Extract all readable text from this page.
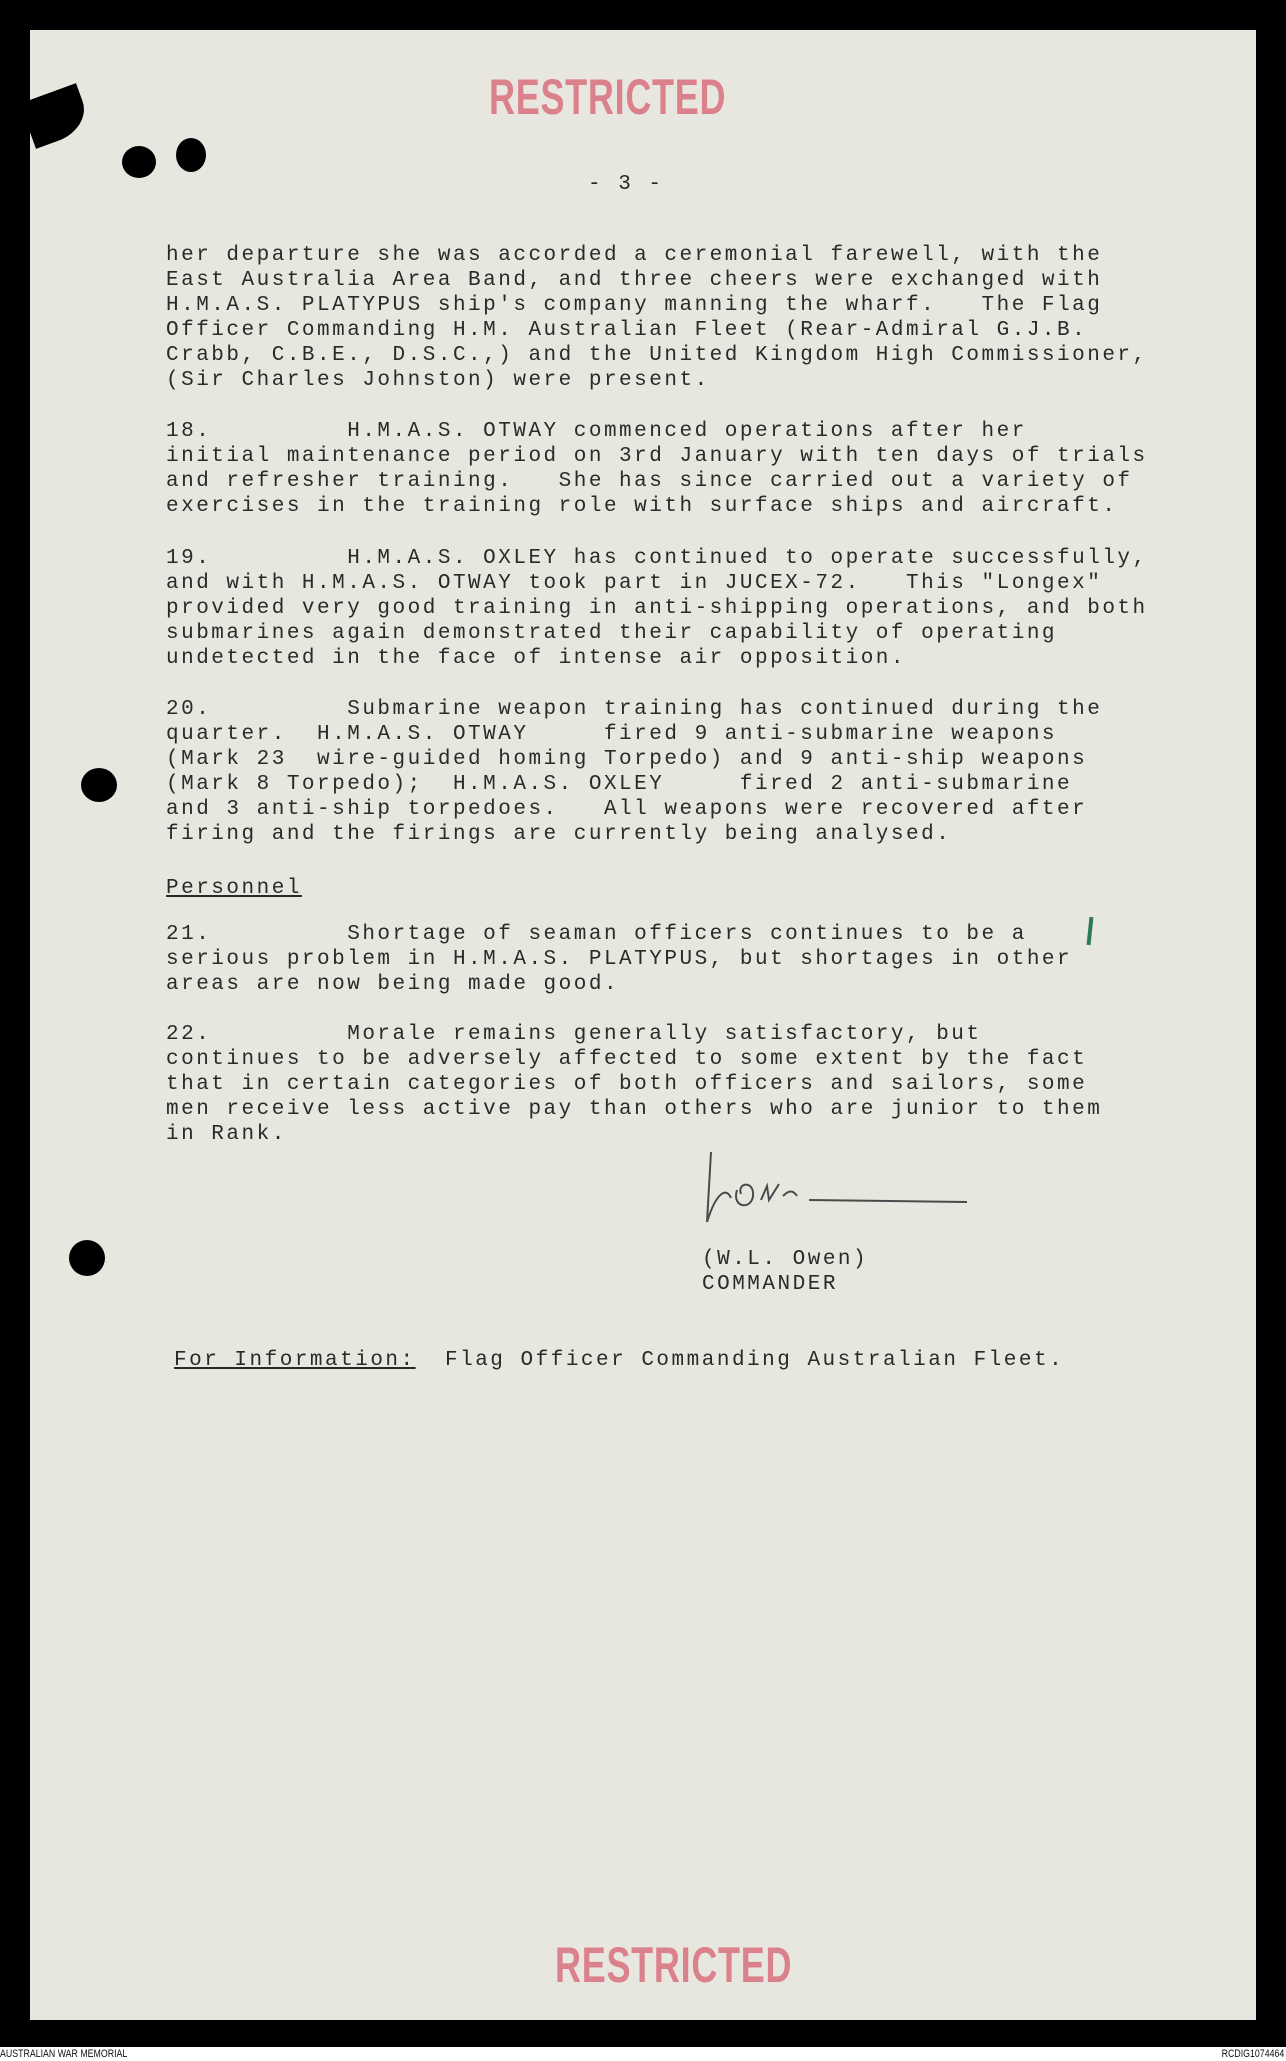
RESTRICTED
- 3 -
her departure she was accorded a ceremonial farewell, with the
East Australia Area Band, and three cheers were exchanged with
H.M.A.S. PLATYPUS ship's company manning the wharf.   The Flag
Officer Commanding H.M. Australian Fleet (Rear-Admiral G.J.B.
Crabb, C.B.E., D.S.C.,) and the United Kingdom High Commissioner,
(Sir Charles Johnston) were present.
18.         H.M.A.S. OTWAY commenced operations after her
initial maintenance period on 3rd January with ten days of trials
and refresher training.   She has since carried out a variety of
exercises in the training role with surface ships and aircraft.
19.         H.M.A.S. OXLEY has continued to operate successfully,
and with H.M.A.S. OTWAY took part in JUCEX-72.   This "Longex"
provided very good training in anti-shipping operations, and both
submarines again demonstrated their capability of operating
undetected in the face of intense air opposition.
20.         Submarine weapon training has continued during the
quarter.  H.M.A.S. OTWAY     fired 9 anti-submarine weapons
(Mark 23  wire-guided homing Torpedo) and 9 anti-ship weapons
(Mark 8 Torpedo);  H.M.A.S. OXLEY     fired 2 anti-submarine
and 3 anti-ship torpedoes.   All weapons were recovered after
firing and the firings are currently being analysed.
Personnel
21.         Shortage of seaman officers continues to be a
serious problem in H.M.A.S. PLATYPUS, but shortages in other
areas are now being made good.
22.         Morale remains generally satisfactory, but
continues to be adversely affected to some extent by the fact
that in certain categories of both officers and sailors, some
men receive less active pay than others who are junior to them
in Rank.
(W.L. Owen)
COMMANDER
For Information: Flag Officer Commanding Australian Fleet.
RESTRICTED
AUSTRALIAN WAR MEMORIAL	RCDIG1074464
